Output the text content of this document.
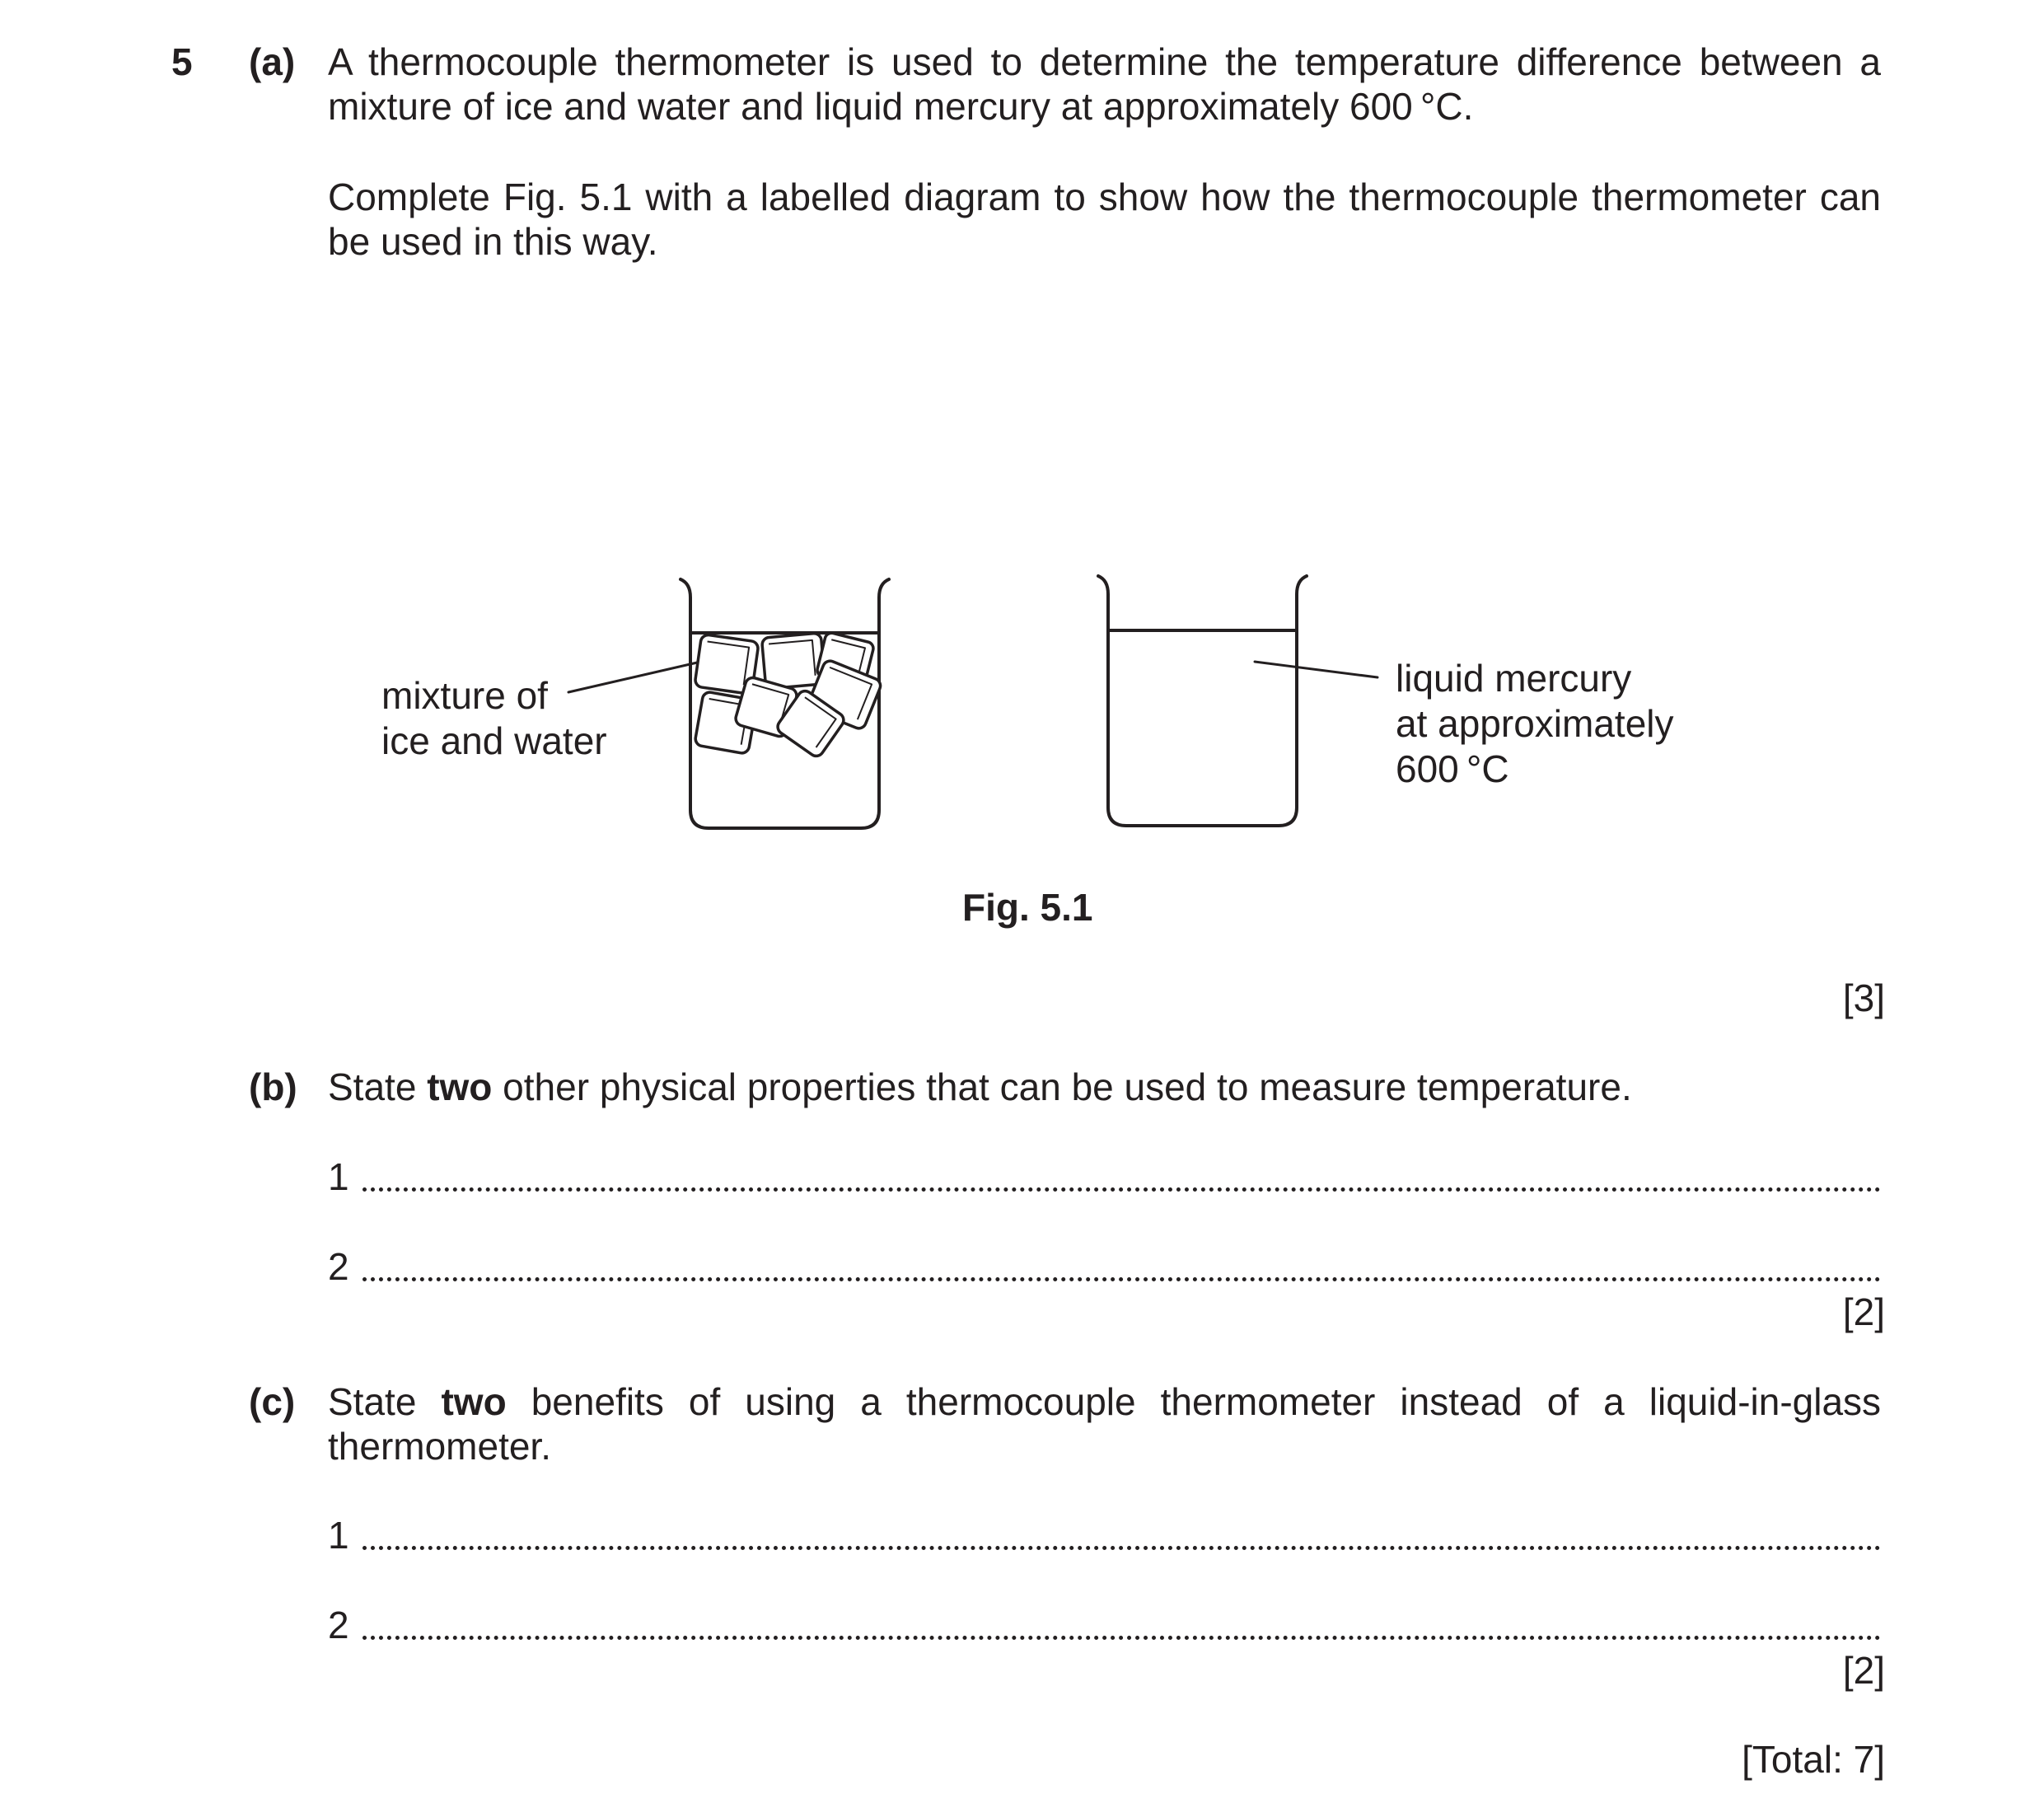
5 (a) A thermocouple thermometer is used to determine the temperature difference between a
mixture of ice and water and liquid mercury at approximately 600 °C.
Complete Fig. 5.1 with a labelled diagram to show how the thermocouple thermometer can
be used in this way.
mixture of
ice and water
liquid mercury
at approximately
600 °C
Fig. 5.1
[3]
(b) State two other physical properties that can be used to measure temperature.
1
2
[2]
(c) State two benefits of using a thermocouple thermometer instead of a liquid-in-glass
thermometer.
1
2
[2]
[Total: 7]
